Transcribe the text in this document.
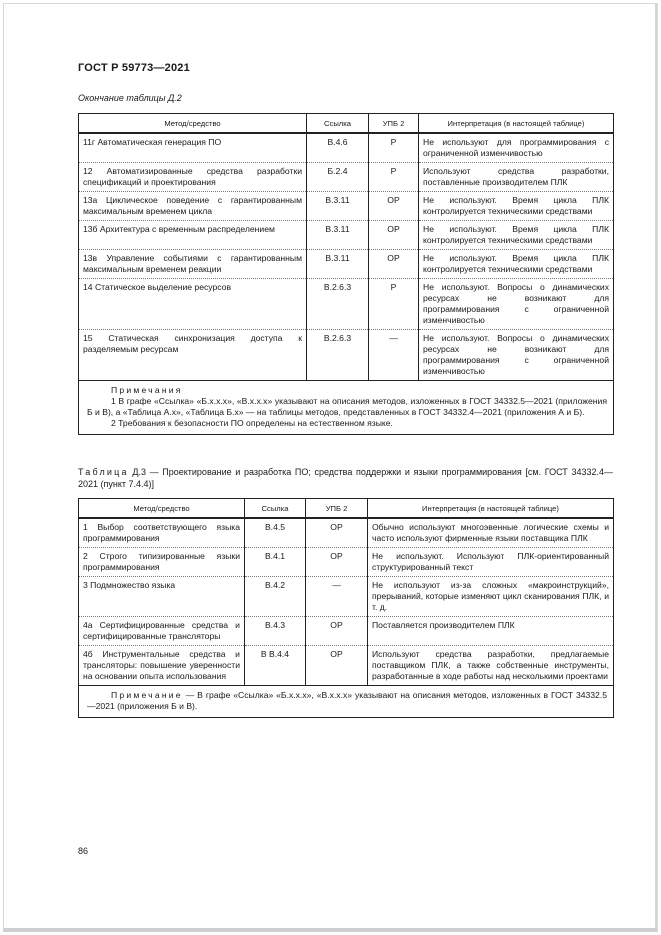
ГОСТ Р 59773—2021
Окончание таблицы Д.2
Метод/средство	Ссылка	УПБ 2	Интерпретация (в настоящей таблице)
11г Автоматическая генерация ПО	В.4.6	Р	Не используют для программирования с ограниченной изменчивостью
12 Автоматизированные средства разработки спецификаций и проектирования	Б.2.4	Р	Используют средства разработки, поставленные производителем ПЛК
13а Циклическое поведение с гарантированным максимальным временем цикла	В.3.11	ОР	Не используют. Время цикла ПЛК контролируется техническими средствами
13б Архитектура с временным распределением	В.3.11	ОР	Не используют. Время цикла ПЛК контролируется техническими средствами
13в Управление событиями с гарантированным максимальным временем реакции	В.3.11	ОР	Не используют. Время цикла ПЛК контролируется техническими средствами
14 Статическое выделение ресурсов	В.2.6.3	Р	Не используют. Вопросы о динамических ресурсах не возникают для программирования с ограниченной изменчивостью
15 Статическая синхронизация доступа к разделяемым ресурсам	В.2.6.3	—	Не используют. Вопросы о динамических ресурсах не возникают для программирования с ограниченной изменчивостью

Примечания
1 В графе «Ссылка» «Б.х.х.х», «В.х.х.х» указывают на описания методов, изложенных в ГОСТ 34332.5—2021 (приложения Б и В), а «Таблица А.х», «Таблица Б.х» — на таблицы методов, представленных в ГОСТ 34332.4—2021 (приложения А и Б).
2 Требования к безопасности ПО определены на естественном языке.			
Таблица Д.3 — Проектирование и разработка ПО; средства поддержки и языки программирования [см. ГОСТ 34332.4—2021 (пункт 7.4.4)]
Метод/средство	Ссылка	УПБ 2	Интерпретация (в настоящей таблице)
1 Выбор соответствующего языка программирования	В.4.5	ОР	Обычно используют многоэвенные логические схемы и часто используют фирменные языки поставщика ПЛК
2 Строго типизированные языки программирования	В.4.1	ОР	Не используют. Используют ПЛК-ориентированный структурированный текст
3 Подмножество языка	В.4.2	—	Не используют из-за сложных «макроинструкций», прерываний, которые изменяют цикл сканирования ПЛК, и т. д.
4а Сертифицированные средства и сертифицированные трансляторы	В.4.3	ОР	Поставляется производителем ПЛК
4б Инструментальные средства и трансляторы: повышение уверенности на основании опыта использования	В В.4.4	ОР	Используют средства разработки, предлагаемые поставщиком ПЛК, а также собственные инструменты, разработанные в ходе работы над несколькими проектами

Примечание — В графе «Ссылка» «Б.х.х.х», «В.х.х.х» указывают на описания методов, изложенных в ГОСТ 34332.5—2021 (приложения Б и В).			
86
